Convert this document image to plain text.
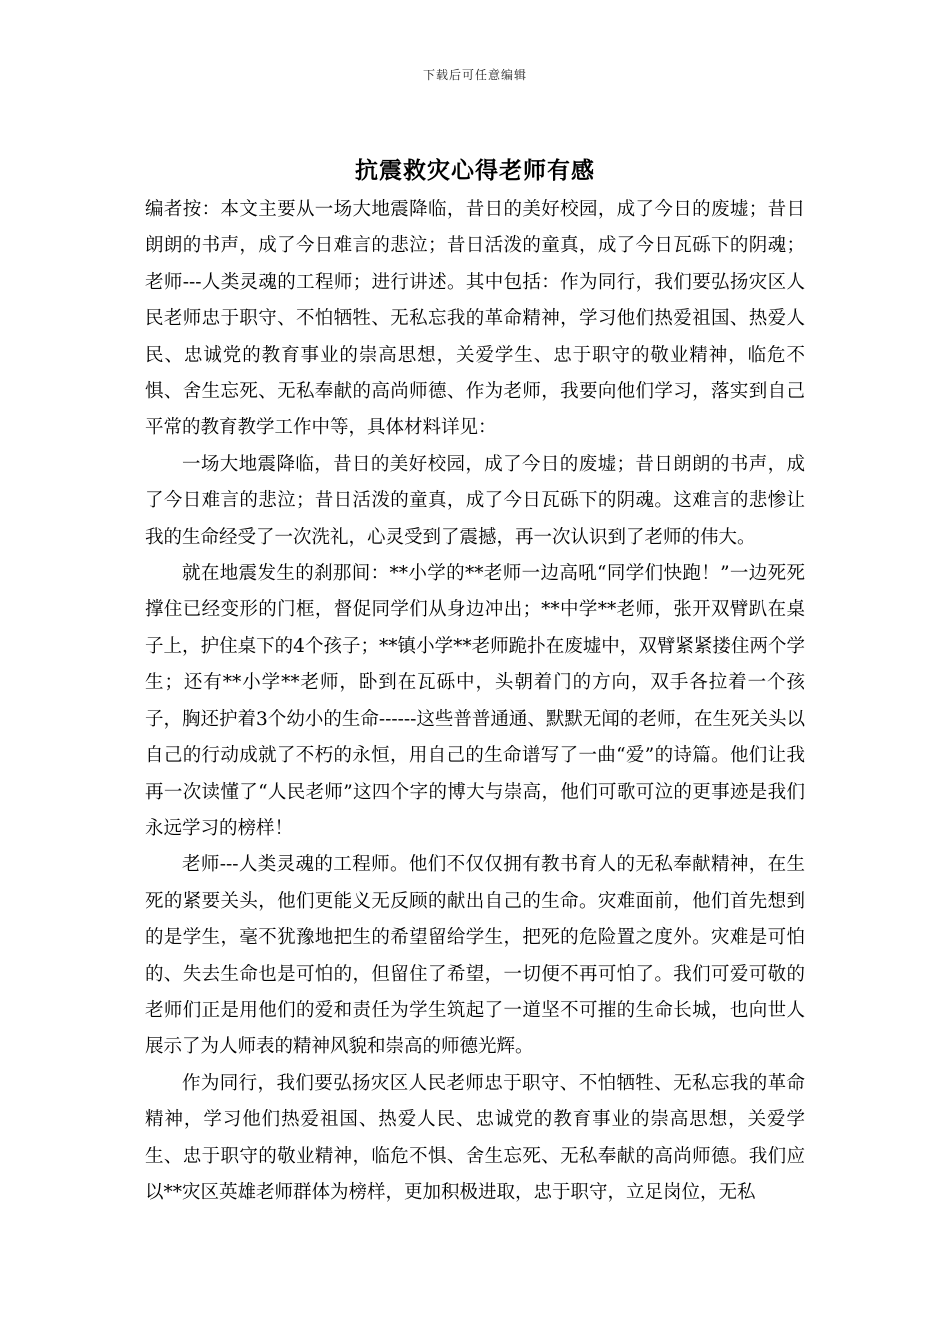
下载后可任意编辑
抗震救灾心得老师有感

编者按：本文主要从一场大地震降临，昔日的美好校园，成了今日的废墟；昔日朗朗的书声，成了今日难言的悲泣；昔日活泼的童真，成了今日瓦砾下的阴魂；老师---人类灵魂的工程师；进行讲述。其中包括：作为同行，我们要弘扬灾区人民老师忠于职守、不怕牺牲、无私忘我的革命精神，学习他们热爱祖国、热爱人民、忠诚党的教育事业的崇高思想，关爱学生、忠于职守的敬业精神，临危不惧、舍生忘死、无私奉献的高尚师德、作为老师，我要向他们学习，落实到自己平常的教育教学工作中等，具体材料详见：

一场大地震降临，昔日的美好校园，成了今日的废墟；昔日朗朗的书声，成了今日难言的悲泣；昔日活泼的童真，成了今日瓦砾下的阴魂。这难言的悲惨让我的生命经受了一次洗礼，心灵受到了震撼，再一次认识到了老师的伟大。

就在地震发生的刹那间：**小学的**老师一边高吼“同学们快跑！”一边死死撑住已经变形的门框，督促同学们从身边冲出；**中学**老师，张开双臂趴在桌子上，护住桌下的4个孩子；**镇小学**老师跪扑在废墟中，双臂紧紧搂住两个学生；还有**小学**老师，卧到在瓦砾中，头朝着门的方向，双手各拉着一个孩子，胸还护着3个幼小的生命------这些普普通通、默默无闻的老师，在生死关头以自己的行动成就了不朽的永恒，用自己的生命谱写了一曲“爱”的诗篇。他们让我再一次读懂了“人民老师”这四个字的博大与崇高，他们可歌可泣的更事迹是我们永远学习的榜样！

老师---人类灵魂的工程师。他们不仅仅拥有教书育人的无私奉献精神，在生死的紧要关头，他们更能义无反顾的献出自己的生命。灾难面前，他们首先想到的是学生，毫不犹豫地把生的希望留给学生，把死的危险置之度外。灾难是可怕的、失去生命也是可怕的，但留住了希望，一切便不再可怕了。我们可爱可敬的老师们正是用他们的爱和责任为学生筑起了一道坚不可摧的生命长城，也向世人展示了为人师表的精神风貌和崇高的师德光辉。

作为同行，我们要弘扬灾区人民老师忠于职守、不怕牺牲、无私忘我的革命精神，学习他们热爱祖国、热爱人民、忠诚党的教育事业的崇高思想，关爱学生、忠于职守的敬业精神，临危不惧、舍生忘死、无私奉献的高尚师德。我们应以**灾区英雄老师群体为榜样，更加积极进取，忠于职守，立足岗位，无私
